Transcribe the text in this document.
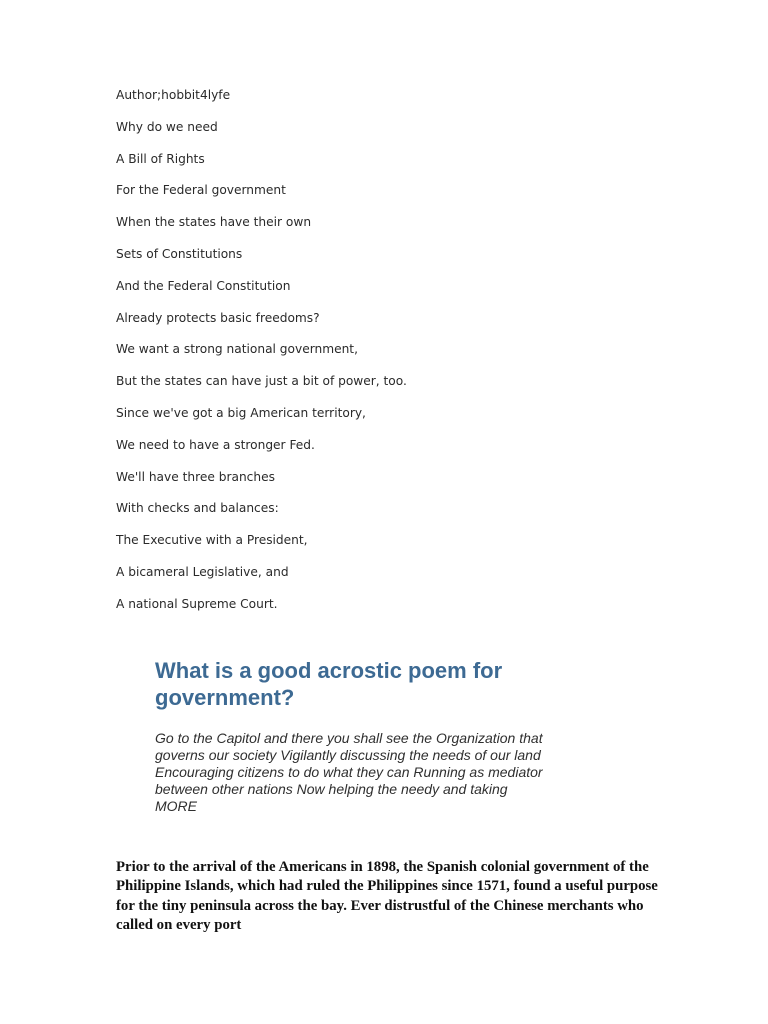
Author;hobbit4lyfe
Why do we need
A Bill of Rights
For the Federal government
When the states have their own
Sets of Constitutions
And the Federal Constitution
Already protects basic freedoms?
We want a strong national government,
But the states can have just a bit of power, too.
Since we've got a big American territory,
We need to have a stronger Fed.
We'll have three branches
With checks and balances:
The Executive with a President,
A bicameral Legislative, and
A national Supreme Court.
What is a good acrostic poem for government?

Go to the Capitol and there you shall see the Organization that governs our society Vigilantly discussing the needs of our land Encouraging citizens to do what they can Running as mediator between other nations Now helping the needy and taking MORE

Prior to the arrival of the Americans in 1898, the Spanish colonial government of the Philippine Islands, which had ruled the Philippines since 1571, found a useful purpose for the tiny peninsula across the bay. Ever distrustful of the Chinese merchants who called on every port
